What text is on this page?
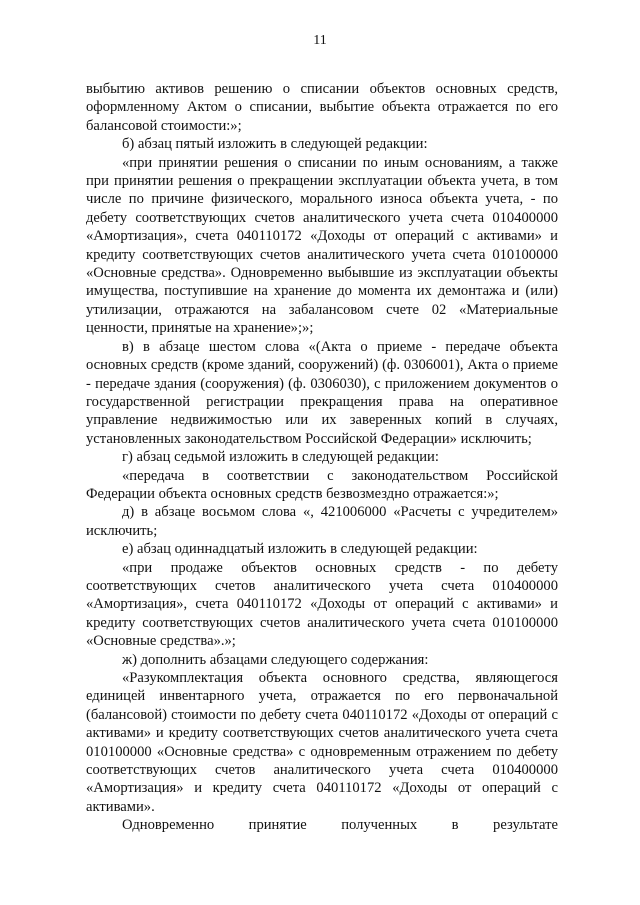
11

выбытию активов решению о списании объектов основных средств, оформленному Актом о списании, выбытие объекта отражается по его балансовой стоимости:»;

б) абзац пятый изложить в следующей редакции:

«при принятии решения о списании по иным основаниям, а также при принятии решения о прекращении эксплуатации объекта учета, в том числе по причине физического, морального износа объекта учета, - по дебету соответствующих счетов аналитического учета счета 010400000 «Амортизация», счета 040110172 «Доходы от операций с активами» и кредиту соответствующих счетов аналитического учета счета 010100000 «Основные средства». Одновременно выбывшие из эксплуатации объекты имущества, поступившие на хранение до момента их демонтажа и (или) утилизации, отражаются на забалансовом счете 02 «Материальные ценности, принятые на хранение»;»;

в) в абзаце шестом слова «(Акта о приеме - передаче объекта основных средств (кроме зданий, сооружений) (ф. 0306001), Акта о приеме - передаче здания (сооружения) (ф. 0306030), с приложением документов о государственной регистрации прекращения права на оперативное управление недвижимостью или их заверенных копий в случаях, установленных законодательством Российской Федерации» исключить;

г) абзац седьмой изложить в следующей редакции:

«передача в соответствии с законодательством Российской Федерации объекта основных средств безвозмездно отражается:»;

д) в абзаце восьмом слова «, 421006000 «Расчеты с учредителем» исключить;

е) абзац одиннадцатый изложить в следующей редакции:

«при продаже объектов основных средств - по дебету соответствующих счетов аналитического учета счета 010400000 «Амортизация», счета 040110172 «Доходы от операций с активами» и кредиту соответствующих счетов аналитического учета счета 010100000 «Основные средства».»;

ж) дополнить абзацами следующего содержания:

«Разукомплектация объекта основного средства, являющегося единицей инвентарного учета, отражается по его первоначальной (балансовой) стоимости по дебету счета 040110172 «Доходы от операций с активами» и кредиту соответствующих счетов аналитического учета счета 010100000 «Основные средства» с одновременным отражением по дебету соответствующих счетов аналитического учета счета 010400000 «Амортизация» и кредиту счета 040110172 «Доходы от операций с активами».

Одновременно принятие полученных в результате
